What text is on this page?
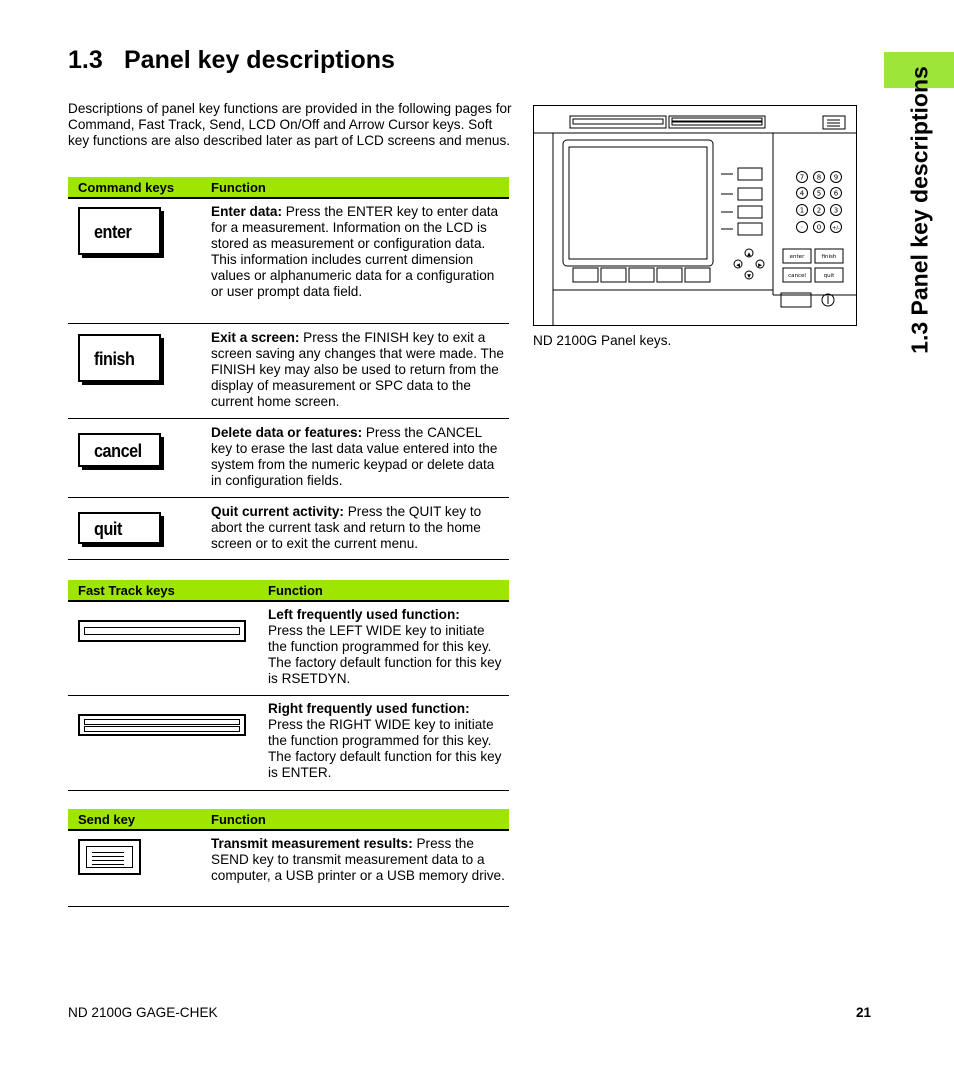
1.3 Panel key descriptions
1.3 Panel key descriptions

Descriptions of panel key functions are provided in the following pages for Command, Fast Track, Send, LCD On/Off and Arrow Cursor keys. Soft key functions are also described later as part of LCD screens and menus.

Command keys	Function
enter

Enter data: Press the ENTER key to enter data for a measurement. Information on the LCD is stored as measurement or configuration data. This information includes current dimension values or alphanumeric data for a configuration or user prompt data field.

finish

Exit a screen: Press the FINISH key to exit a screen saving any changes that were made. The FINISH key may also be used to return from the display of measurement or SPC data to the current home screen.

cancel

Delete data or features: Press the CANCEL key to erase the last data value entered into the system from the numeric keypad or delete data in configuration fields.

quit

Quit current activity: Press the QUIT key to abort the current task and return to the home screen or to exit the current menu.

Fast Track keys	Function

Left frequently used function:
Press the LEFT WIDE key to initiate the function programmed for this key. The factory default function for this key is RSETDYN.

Right frequently used function:
Press the RIGHT WIDE key to initiate the function programmed for this key. The factory default function for this key is ENTER.

Send key	Function

Transmit measurement results: Press the SEND key to transmit measurement data to a computer, a USB printer or a USB memory drive.

7 8 9
4 5 6
1 2 3
· 0 +/-
▲
◀	▶
▼
enter	finish
cancel	quit

ND 2100G Panel keys.

ND 2100G GAGE-CHEK	21
